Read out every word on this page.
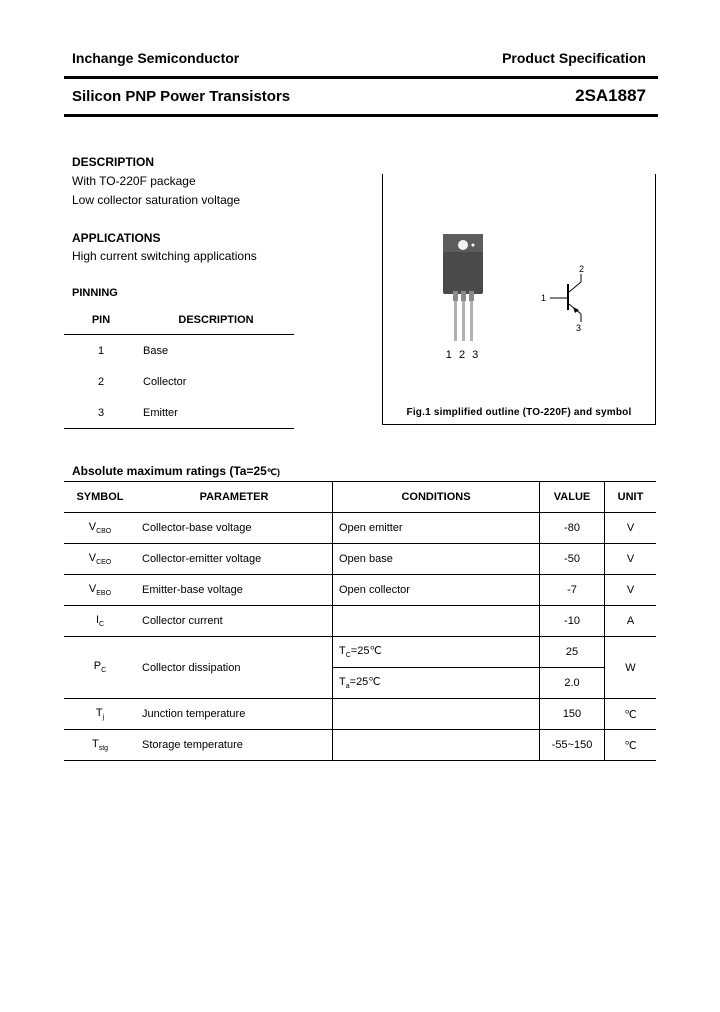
Inchange Semiconductor	Product Specification
Silicon PNP Power Transistors	2SA1887
DESCRIPTION
With TO-220F package
Low collector saturation voltage
APPLICATIONS
High current switching applications
PINNING
PIN	DESCRIPTION
1	Base
2	Collector
3	Emitter
1 2 3
1
2
3
Fig.1 simplified outline (TO-220F) and symbol
Absolute maximum ratings (Ta=25℃)
SYMBOL	PARAMETER	CONDITIONS	VALUE	UNIT
$V_{CBO}$	Collector-base voltage	Open emitter	-80	V
$V_{CEO}$	Collector-emitter voltage	Open base	-50	V
$V_{EBO}$	Emitter-base voltage	Open collector	-7	V
$I_C$	Collector current		-10	A
$P_C$	Collector dissipation	$T_C=25℃$	25	W
		$T_a=25℃$	2.0	
$T_j$	Junction temperature		150	℃
$T_{stg}$	Storage temperature		-55~150	℃
